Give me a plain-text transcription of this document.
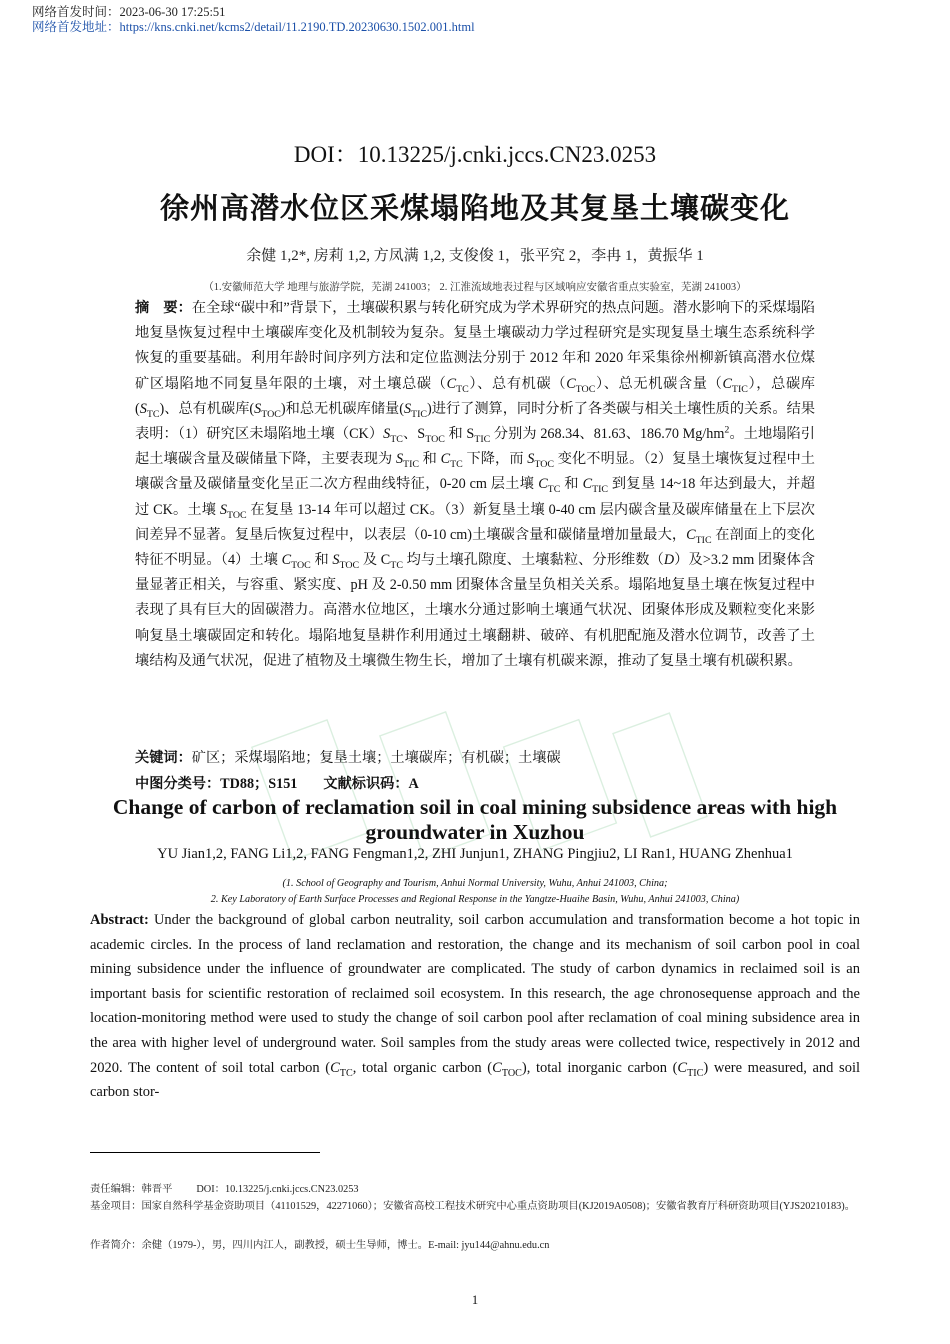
网络首发时间：2023-06-30 17:25:51
网络首发地址：https://kns.cnki.net/kcms2/detail/11.2190.TD.20230630.1502.001.html
DOI：10.13225/j.cnki.jccs.CN23.0253
徐州高潜水位区采煤塌陷地及其复垦土壤碳变化
余健 1,2*, 房莉 1,2, 方凤满 1,2, 支俊俊 1，张平究 2，李冉 1，黄振华 1
（1.安徽师范大学 地理与旅游学院，芜湖 241003； 2. 江淮流域地表过程与区域响应安徽省重点实验室，芜湖 241003）
摘　要：在全球“碳中和”背景下，土壤碳积累与转化研究成为学术界研究的热点问题。潜水影响下的采煤塌陷地复垦恢复过程中土壤碳库变化及机制较为复杂。复垦土壤碳动力学过程研究是实现复垦土壤生态系统科学恢复的重要基础。利用年龄时间序列方法和定位监测法分别于 2012 年和 2020 年采集徐州柳新镇高潜水位煤矿区塌陷地不同复垦年限的土壤，对土壤总碳$(C_{TC})$、总有机碳$(C_{TOC})$、总无机碳含量$(C_{TIC})$，总碳库$(S_{TC})$、总有机碳库$(S_{TOC})$和总无机碳库储量$(S_{TIC})$进行了测算，同时分析了各类碳与相关土壤性质的关系。结果表明：（1）研究区未塌陷地土壤$(CK)S_{TC}$、$S_{TOC}$ 和 $S_{TIC}$ 分别为 268.34、81.63、186.70 $Mg/hm^2$。土地塌陷引起土壤碳含量及碳储量下降，主要表现为 $S_{TIC}$ 和 $C_{TC}$ 下降，而 $S_{TOC}$ 变化不明显。（2）复垦土壤恢复过程中土壤碳含量及碳储量变化呈正二次方程曲线特征，0-20 cm 层土壤 $C_{TC}$ 和 $C_{TIC}$ 到复垦 14~18 年达到最大，并超过 CK。土壤 $S_{TOC}$ 在复垦 13-14 年可以超过 CK。（3）新复垦土壤 0-40 cm 层内碳含量及碳库储量在上下层次间差异不显著。复垦后恢复过程中，以表层（0-10 cm)土壤碳含量和碳储量增加量最大，$C_{TIC}$ 在剖面上的变化特征不明显。（4）土壤 $C_{TOC}$ 和 $S_{TOC}$ 及 $C_{TC}$ 均与土壤孔隙度、土壤黏粒、分形维数（D）及>3.2 mm 团聚体含量显著正相关，与容重、紧实度、pH 及 2-0.50 mm 团聚体含量呈负相关关系。塌陷地复垦土壤在恢复过程中表现了具有巨大的固碳潜力。高潜水位地区，土壤水分通过影响土壤通气状况、团聚体形成及颗粒变化来影响复垦土壤碳固定和转化。塌陷地复垦耕作利用通过土壤翻耕、破碎、有机肥配施及潜水位调节，改善了土壤结构及通气状况，促进了植物及土壤微生物生长，增加了土壤有机碳来源，推动了复垦土壤有机碳积累。
关键词：矿区；采煤塌陷地；复垦土壤；土壤碳库；有机碳；土壤碳
中图分类号：TD88；S151 文献标识码：A
Change of carbon of reclamation soil in coal mining subsidence areas with high groundwater in Xuzhou
YU Jian1,2, FANG Li1,2, FANG Fengman1,2, ZHI Junjun1, ZHANG Pingjiu2, LI Ran1, HUANG Zhenhua1
(1. School of Geography and Tourism, Anhui Normal University, Wuhu, Anhui 241003, China;
2. Key Laboratory of Earth Surface Processes and Regional Response in the Yangtze-Huaihe Basin, Wuhu, Anhui 241003, China)
Abstract: Under the background of global carbon neutrality, soil carbon accumulation and transformation become a hot topic in academic circles. In the process of land reclamation and restoration, the change and its mechanism of soil carbon pool in coal mining subsidence under the influence of groundwater are complicated. The study of carbon dynamics in reclaimed soil is an important basis for scientific restoration of reclaimed soil ecosystem. In this research, the age chronosequense approach and the location-monitoring method were used to study the change of soil carbon pool after reclamation of coal mining subsidence area in the area with higher level of underground water. Soil samples from the study areas were collected twice, respectively in 2012 and 2020. The content of soil total carbon ($C_{TC}$, total organic carbon $(C_{TOC})$, total inorganic carbon $(C_{TIC})$ were measured, and soil carbon stor-
责任编辑：韩晋平 DOI：10.13225/j.cnki.jccs.CN23.0253
基金项目：国家自然科学基金资助项目（41101529，42271060）；安徽省高校工程技术研究中心重点资助项目(KJ2019A0508)；安徽省教育厅科研资助项目(YJS20210183)。
作者简介：余健（1979-），男，四川内江人，副教授，硕士生导师，博士。E-mail: jyu144@ahnu.edu.cn
1
